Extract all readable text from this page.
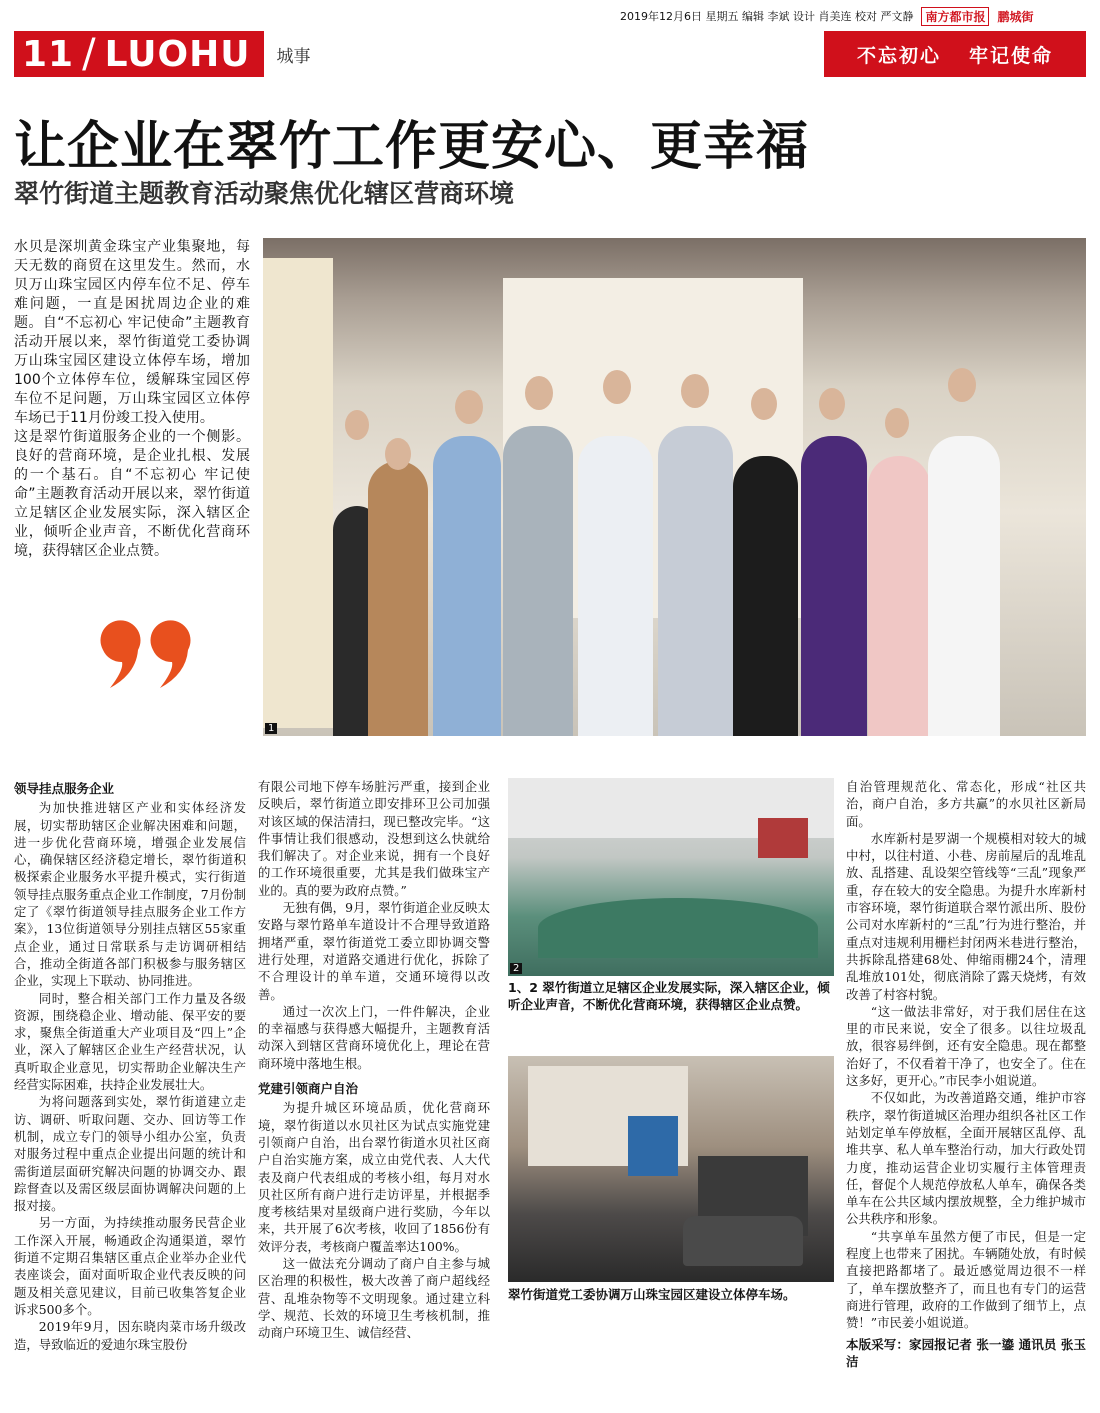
2019年12月6日 星期五 编辑 李斌 设计 肖美连 校对 严文静	南方都市报	鹏城街
11 / LUOHU 城事	不忘初心 牢记使命
让企业在翠竹工作更安心、更幸福
翠竹街道主题教育活动聚焦优化辖区营商环境

水贝是深圳黄金珠宝产业集聚地，每天无数的商贸在这里发生。然而，水贝万山珠宝园区内停车位不足、停车难问题，一直是困扰周边企业的难题。自“不忘初心 牢记使命”主题教育活动开展以来，翠竹街道党工委协调万山珠宝园区建设立体停车场，增加100个立体停车位，缓解珠宝园区停车位不足问题，万山珠宝园区立体停车场已于11月份竣工投入使用。

这是翠竹街道服务企业的一个侧影。良好的营商环境，是企业扎根、发展的一个基石。自“不忘初心 牢记使命”主题教育活动开展以来，翠竹街道立足辖区企业发展实际，深入辖区企业，倾听企业声音，不断优化营商环境，获得辖区企业点赞。

1
领导挂点服务企业

为加快推进辖区产业和实体经济发展，切实帮助辖区企业解决困难和问题，进一步优化营商环境，增强企业发展信心，确保辖区经济稳定增长，翠竹街道积极探索企业服务水平提升模式，实行街道领导挂点服务重点企业工作制度，7月份制定了《翠竹街道领导挂点服务企业工作方案》，13位街道领导分别挂点辖区55家重点企业，通过日常联系与走访调研相结合，推动全街道各部门积极参与服务辖区企业，实现上下联动、协同推进。

同时，整合相关部门工作力量及各级资源，围绕稳企业、增动能、保平安的要求，聚焦全街道重大产业项目及“四上”企业，深入了解辖区企业生产经营状况，认真听取企业意见，切实帮助企业解决生产经营实际困难，扶持企业发展壮大。

为将问题落到实处，翠竹街道建立走访、调研、听取问题、交办、回访等工作机制，成立专门的领导小组办公室，负责对服务过程中重点企业提出问题的统计和需街道层面研究解决问题的协调交办、跟踪督查以及需区级层面协调解决问题的上报对接。

另一方面，为持续推动服务民营企业工作深入开展，畅通政企沟通渠道，翠竹街道不定期召集辖区重点企业举办企业代表座谈会，面对面听取企业代表反映的问题及相关意见建议，目前已收集答复企业诉求500多个。

2019年9月，因东晓肉菜市场升级改造，导致临近的爱迪尔珠宝股份

有限公司地下停车场脏污严重，接到企业反映后，翠竹街道立即安排环卫公司加强对该区域的保洁清扫，现已整改完毕。“这件事情让我们很感动，没想到这么快就给我们解决了。对企业来说，拥有一个良好的工作环境很重要，尤其是我们做珠宝产业的。真的要为政府点赞。”

无独有偶，9月，翠竹街道企业反映太安路与翠竹路单车道设计不合理导致道路拥堵严重，翠竹街道党工委立即协调交警进行处理，对道路交通进行优化，拆除了不合理设计的单车道，交通环境得以改善。

通过一次次上门，一件件解决，企业的幸福感与获得感大幅提升，主题教育活动深入到辖区营商环境优化上，理论在营商环境中落地生根。

党建引领商户自治

为提升城区环境品质，优化营商环境，翠竹街道以水贝社区为试点实施党建引领商户自治，出台翠竹街道水贝社区商户自治实施方案，成立由党代表、人大代表及商户代表组成的考核小组，每月对水贝社区所有商户进行走访评星，并根据季度考核结果对星级商户进行奖励，今年以来，共开展了6次考核，收回了1856份有效评分表，考核商户覆盖率达100%。

这一做法充分调动了商户自主参与城区治理的积极性，极大改善了商户超线经营、乱堆杂物等不文明现象。通过建立科学、规范、长效的环境卫生考核机制，推动商户环境卫生、诚信经营、

2
1、2 翠竹街道立足辖区企业发展实际，深入辖区企业，倾听企业声音，不断优化营商环境，获得辖区企业点赞。
翠竹街道党工委协调万山珠宝园区建设立体停车场。

自治管理规范化、常态化，形成“社区共治，商户自治，多方共赢”的水贝社区新局面。

水库新村是罗湖一个规模相对较大的城中村，以往村道、小巷、房前屋后的乱堆乱放、乱搭建、乱设架空管线等“三乱”现象严重，存在较大的安全隐患。为提升水库新村市容环境，翠竹街道联合翠竹派出所、股份公司对水库新村的“三乱”行为进行整治，并重点对违规利用栅栏封闭两米巷进行整治，共拆除乱搭建68处、伸缩雨棚24个，清理乱堆放101处，彻底消除了露天烧烤，有效改善了村容村貌。

“这一做法非常好，对于我们居住在这里的市民来说，安全了很多。以往垃圾乱放，很容易绊倒，还有安全隐患。现在都整治好了，不仅看着干净了，也安全了。住在这多好，更开心。”市民李小姐说道。

不仅如此，为改善道路交通，维护市容秩序，翠竹街道城区治理办组织各社区工作站划定单车停放框，全面开展辖区乱停、乱堆共享、私人单车整治行动，加大行政处罚力度，推动运营企业切实履行主体管理责任，督促个人规范停放私人单车，确保各类单车在公共区域内摆放规整，全力维护城市公共秩序和形象。

“共享单车虽然方便了市民，但是一定程度上也带来了困扰。车辆随处放，有时候直接把路都堵了。最近感觉周边很不一样了，单车摆放整齐了，而且也有专门的运营商进行管理，政府的工作做到了细节上，点赞！”市民姜小姐说道。

本版采写：家园报记者 张一鎏 通讯员 张玉洁
